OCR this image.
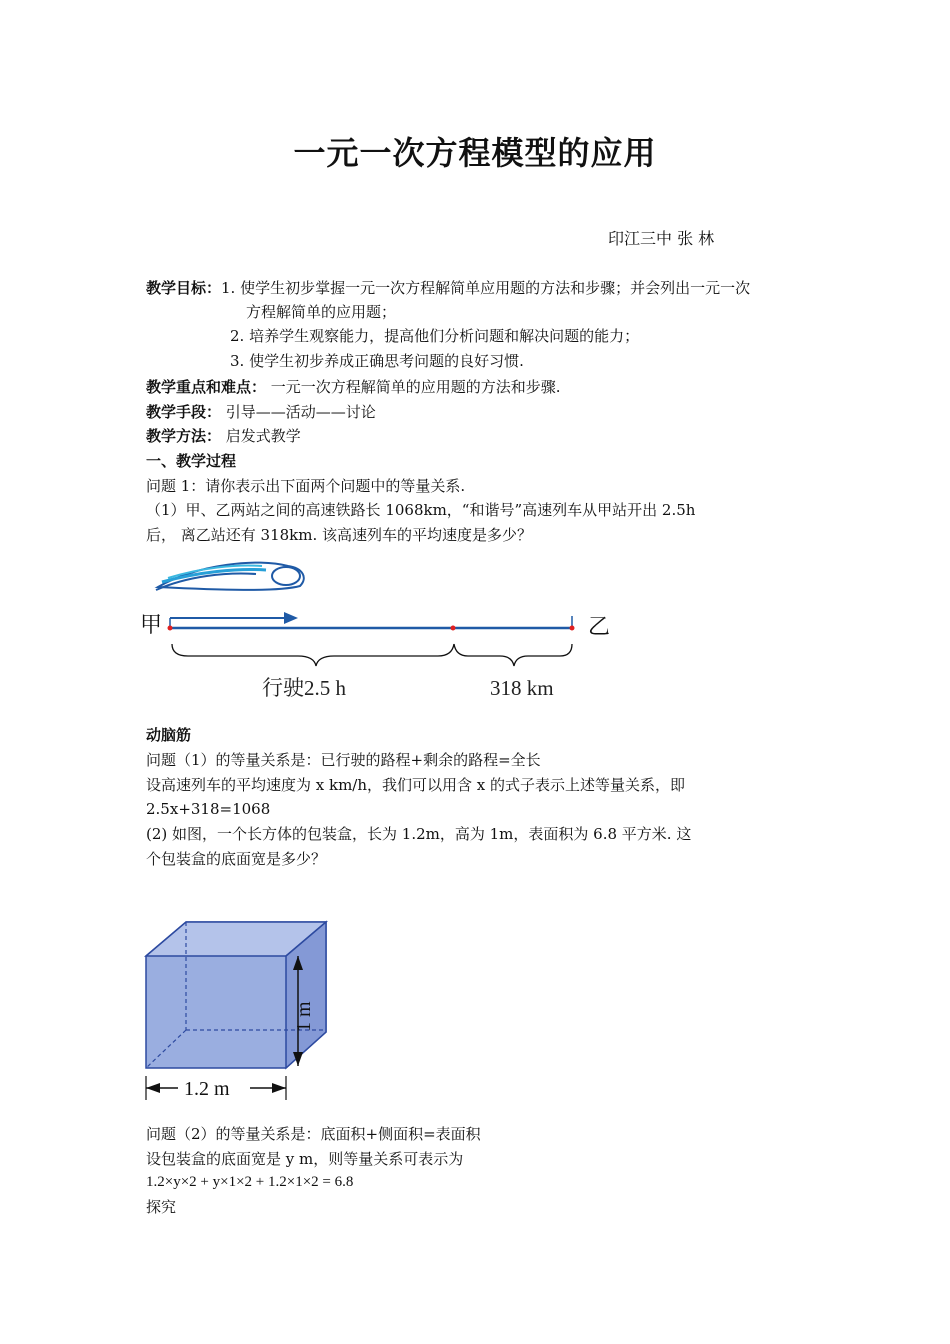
一元一次方程模型的应用
印江三中 张 林
教学目标：1. 使学生初步掌握一元一次方程解简单应用题的方法和步骤；并会列出一元一次
方程解简单的应用题；
2. 培养学生观察能力，提高他们分析问题和解决问题的能力；
3. 使学生初步养成正确思考问题的良好习惯.
教学重点和难点： 一元一次方程解简单的应用题的方法和步骤.
教学手段： 引导——活动——讨论
教学方法： 启发式教学
一、教学过程
问题 1：请你表示出下面两个问题中的等量关系.
（1）甲、乙两站之间的高速铁路长 1068km，“和谐号”高速列车从甲站开出 2.5h
后， 离乙站还有 318km. 该高速列车的平均速度是多少？
甲	乙
行驶2.5 h	318 km
动脑筋
问题（1）的等量关系是：已行驶的路程+剩余的路程=全长
设高速列车的平均速度为 x km/h，我们可以用含 x 的式子表示上述等量关系，即
2.5x+318=1068
(2) 如图，一个长方体的包装盒，长为 1.2m，高为 1m，表面积为 6.8 平方米. 这
个包装盒的底面宽是多少？
1 m
1.2 m
问题（2）的等量关系是：底面积+侧面积=表面积
设包装盒的底面宽是 y m，则等量关系可表示为
1.2×y×2 + y×1×2 + 1.2×1×2 = 6.8
探究
